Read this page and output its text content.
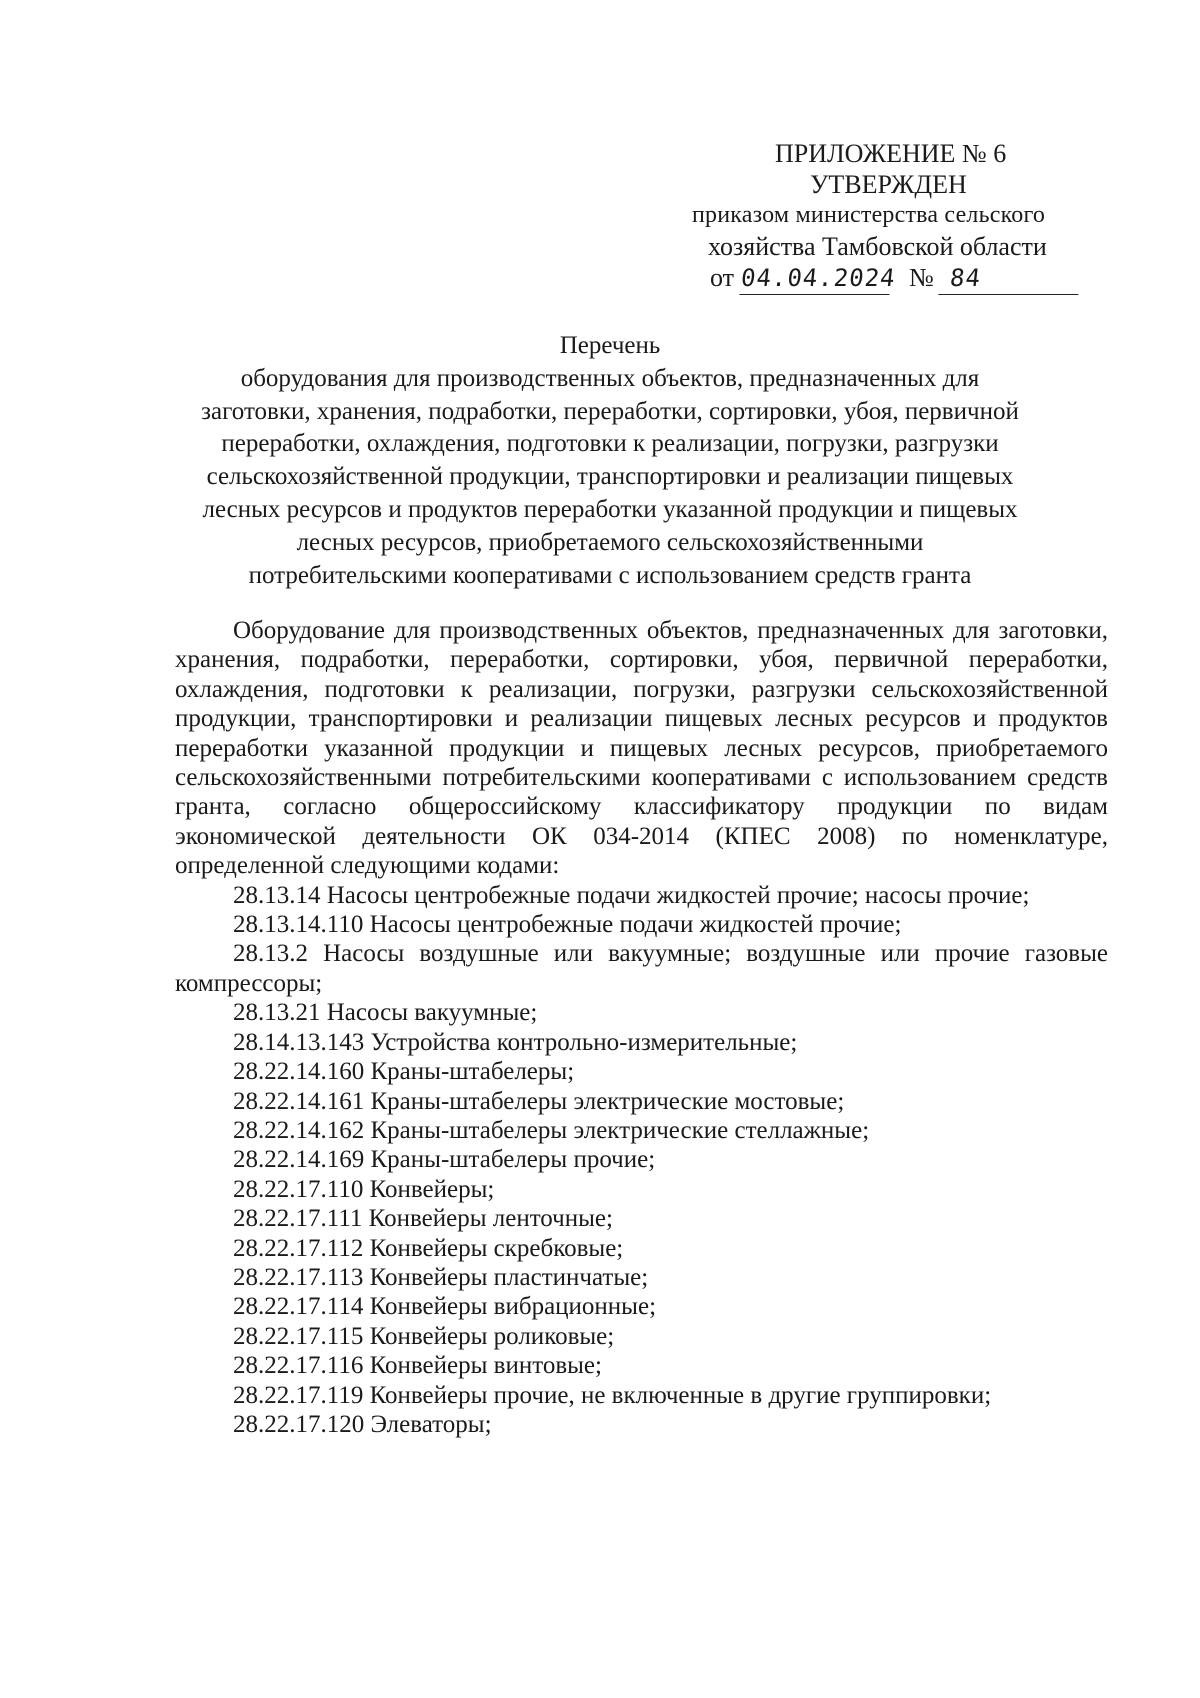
ПРИЛОЖЕНИЕ № 6
УТВЕРЖДЕН
приказом министерства сельского
хозяйства Тамбовской области
от 04.04.2024 № 84
Перечень
оборудования для производственных объектов, предназначенных для
заготовки, хранения, подработки, переработки, сортировки, убоя, первичной
переработки, охлаждения, подготовки к реализации, погрузки, разгрузки
сельскохозяйственной продукции, транспортировки и реализации пищевых
лесных ресурсов и продуктов переработки указанной продукции и пищевых
лесных ресурсов, приобретаемого сельскохозяйственными
потребительскими кооперативами с использованием средств гранта

Оборудование для производственных объектов, предназначенных для заготовки, хранения, подработки, переработки, сортировки, убоя, первичной переработки, охлаждения, подготовки к реализации, погрузки, разгрузки сельскохозяйственной продукции, транспортировки и реализации пищевых лесных ресурсов и продуктов переработки указанной продукции и пищевых лесных ресурсов, приобретаемого сельскохозяйственными потребительскими кооперативами с использованием средств гранта, согласно общероссийскому классификатору продукции по видам экономической деятельности ОК 034-2014 (КПЕС 2008) по номенклатуре, определенной следующими кодами:

28.13.14 Насосы центробежные подачи жидкостей прочие; насосы прочие;

28.13.14.110 Насосы центробежные подачи жидкостей прочие;

28.13.2 Насосы воздушные или вакуумные; воздушные или прочие газовые компрессоры;

28.13.21 Насосы вакуумные;

28.14.13.143 Устройства контрольно-измерительные;

28.22.14.160 Краны-штабелеры;

28.22.14.161 Краны-штабелеры электрические мостовые;

28.22.14.162 Краны-штабелеры электрические стеллажные;

28.22.14.169 Краны-штабелеры прочие;

28.22.17.110 Конвейеры;

28.22.17.111 Конвейеры ленточные;

28.22.17.112 Конвейеры скребковые;

28.22.17.113 Конвейеры пластинчатые;

28.22.17.114 Конвейеры вибрационные;

28.22.17.115 Конвейеры роликовые;

28.22.17.116 Конвейеры винтовые;

28.22.17.119 Конвейеры прочие, не включенные в другие группировки;

28.22.17.120 Элеваторы;
